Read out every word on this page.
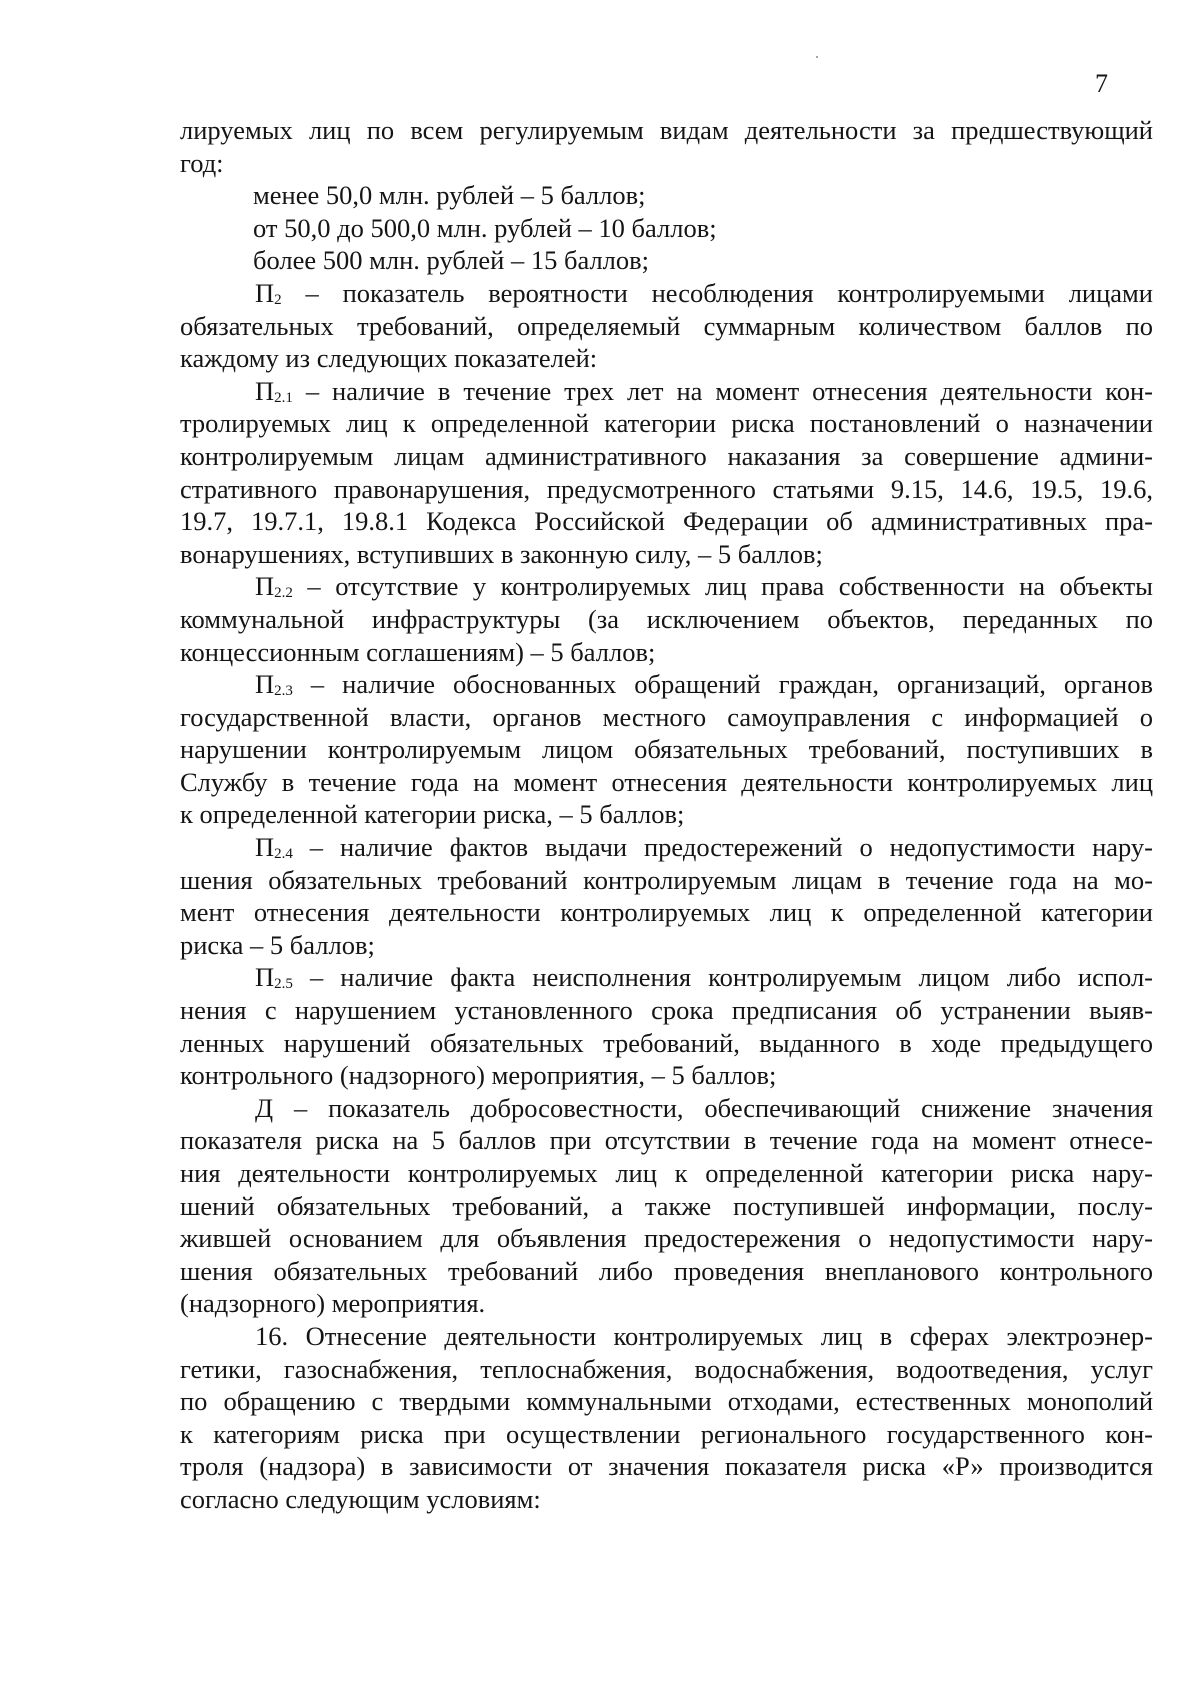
7
лируемых лиц по всем регулируемым видам деятельности за предшествующий
год:
менее 50,0 млн. рублей – 5 баллов;
от 50,0 до 500,0 млн. рублей – 10 баллов;
более 500 млн. рублей – 15 баллов;
$П_2$ – показатель вероятности несоблюдения контролируемыми лицами
обязательных требований, определяемый суммарным количеством баллов по
каждому из следующих показателей:
$П_{2.1}$ – наличие в течение трех лет на момент отнесения деятельности кон-
тролируемых лиц к определенной категории риска постановлений о назначении
контролируемым лицам административного наказания за совершение админи-
стративного правонарушения, предусмотренного статьями 9.15, 14.6, 19.5, 19.6,
19.7, 19.7.1, 19.8.1 Кодекса Российской Федерации об административных пра-
вонарушениях, вступивших в законную силу, – 5 баллов;
$П_{2.2}$ – отсутствие у контролируемых лиц права собственности на объекты
коммунальной инфраструктуры (за исключением объектов, переданных по
концессионным соглашениям) – 5 баллов;
$П_{2.3}$ – наличие обоснованных обращений граждан, организаций, органов
государственной власти, органов местного самоуправления с информацией о
нарушении контролируемым лицом обязательных требований, поступивших в
Службу в течение года на момент отнесения деятельности контролируемых лиц
к определенной категории риска, – 5 баллов;
$П_{2.4}$ – наличие фактов выдачи предостережений о недопустимости нару-
шения обязательных требований контролируемым лицам в течение года на мо-
мент отнесения деятельности контролируемых лиц к определенной категории
риска – 5 баллов;
$П_{2.5}$ – наличие факта неисполнения контролируемым лицом либо испол-
нения с нарушением установленного срока предписания об устранении выяв-
ленных нарушений обязательных требований, выданного в ходе предыдущего
контрольного (надзорного) мероприятия, – 5 баллов;
Д – показатель добросовестности, обеспечивающий снижение значения
показателя риска на 5 баллов при отсутствии в течение года на момент отнесе-
ния деятельности контролируемых лиц к определенной категории риска нару-
шений обязательных требований, а также поступившей информации, послу-
жившей основанием для объявления предостережения о недопустимости нару-
шения обязательных требований либо проведения внепланового контрольного
(надзорного) мероприятия.
16. Отнесение деятельности контролируемых лиц в сферах электроэнер-
гетики, газоснабжения, теплоснабжения, водоснабжения, водоотведения, услуг
по обращению с твердыми коммунальными отходами, естественных монополий
к категориям риска при осуществлении регионального государственного кон-
троля (надзора) в зависимости от значения показателя риска «Р» производится
согласно следующим условиям:
